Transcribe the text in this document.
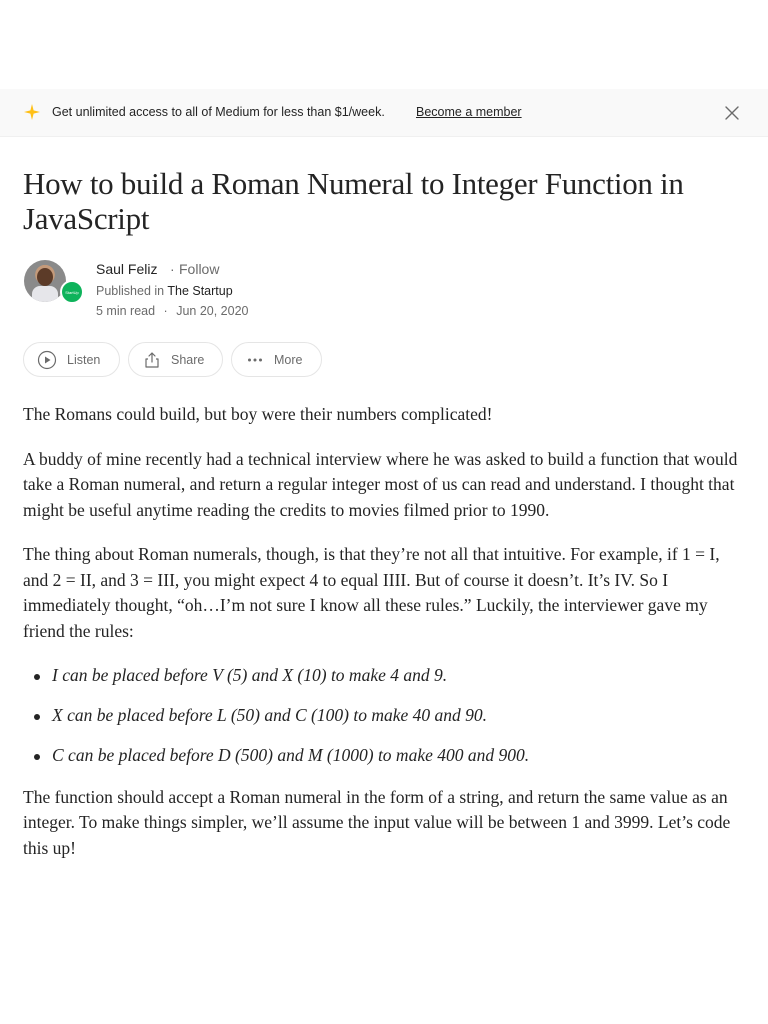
Get unlimited access to all of Medium for less than $1/week. Become a member
How to build a Roman Numeral to Integer Function in JavaScript
StartUp
Saul Feliz · Follow
Published in The Startup
5 min read · Jun 20, 2020
Listen	Share	More

The Romans could build, but boy were their numbers complicated!

A buddy of mine recently had a technical interview where he was asked to build a function that would take a Roman numeral, and return a regular integer most of us can read and understand. I thought that might be useful anytime reading the credits to movies filmed prior to 1990.

The thing about Roman numerals, though, is that they’re not all that intuitive. For example, if 1 = I, and 2 = II, and 3 = III, you might expect 4 to equal IIII. But of course it doesn’t. It’s IV. So I immediately thought, “oh…I’m not sure I know all these rules.” Luckily, the interviewer gave my friend the rules:

I can be placed before V (5) and X (10) to make 4 and 9.
X can be placed before L (50) and C (100) to make 40 and 90.
C can be placed before D (500) and M (1000) to make 400 and 900.

The function should accept a Roman numeral in the form of a string, and return the same value as an integer. To make things simpler, we’ll assume the input value will be between 1 and 3999. Let’s code this up!
